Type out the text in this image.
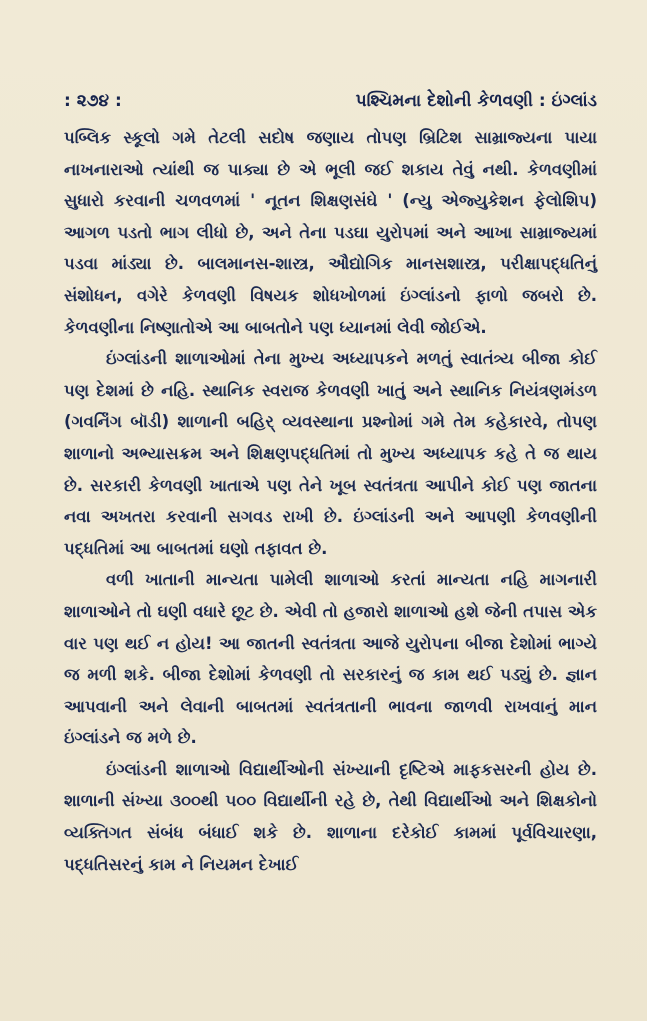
: ૨૭૪ :	પશ્ચિમના દેશોની કેળવણી : ઇંગ્લાંડ

પબ્લિક સ્કૂલો ગમે તેટલી સદોષ જણાય તોપણ બ્રિટિશ સામ્રાજ્યના પાયા નાખનારાઓ ત્યાંથી જ પાક્યા છે એ ભૂલી જઈ શકાય તેવું નથી. કેળવણીમાં સુધારો કરવાની ચળવળમાં ' નૂતન શિક્ષણસંઘે ' (ન્યુ એજ્યુકેશન ફેલોશિપ) આગળ પડતો ભાગ લીધો છે, અને તેના પડઘા યુરોપમાં અને આખા સામ્રાજ્યમાં પડવા માંડ્યા છે. બાલમાનસ-શાસ્ત્ર, ઔદ્યોગિક માનસશાસ્ત્ર, પરીક્ષાપદ્ધતિનું સંશોધન, વગેરે કેળવણી વિષયક શોધખોળમાં ઇંગ્લાંડનો ફાળો જબરો છે. કેળવણીના નિષ્ણાતોએ આ બાબતોને પણ ધ્યાનમાં લેવી જોઈએ.

ઇંગ્લાંડની શાળાઓમાં તેના મુખ્ય અધ્યાપકને મળતું સ્વાતંત્ર્ય બીજા કોઈ પણ દેશમાં છે નહિ. સ્થાનિક સ્વરાજ કેળવણી ખાતું અને સ્થાનિક નિયંત્રણમંડળ (ગવર્નિંગ બૉડી) શાળાની બહિર્ વ્યવસ્થાના પ્રશ્નોમાં ગમે તેમ કહેકારવે, તોપણ શાળાનો અભ્યાસક્રમ અને શિક્ષણપદ્ધતિમાં તો મુખ્ય અધ્યાપક કહે તે જ થાય છે. સરકારી કેળવણી ખાતાએ પણ તેને ખૂબ સ્વતંત્રતા આપીને કોઈ પણ જાતના નવા અખતરા કરવાની સગવડ રાખી છે. ઇંગ્લાંડની અને આપણી કેળવણીની પદ્ધતિમાં આ બાબતમાં ઘણો તફાવત છે.

વળી ખાતાની માન્યતા પામેલી શાળાઓ કરતાં માન્યતા નહિ માગનારી શાળાઓને તો ઘણી વધારે છૂટ છે. એવી તો હજારો શાળાઓ હશે જેની તપાસ એક વાર પણ થઈ ન હોય! આ જાતની સ્વતંત્રતા આજે યુરોપના બીજા દેશોમાં ભાગ્યે જ મળી શકે. બીજા દેશોમાં કેળવણી તો સરકારનું જ કામ થઈ પડ્યું છે. જ્ઞાન આપવાની અને લેવાની બાબતમાં સ્વતંત્રતાની ભાવના જાળવી રાખવાનું માન ઇંગ્લાંડને જ મળે છે.

ઇંગ્લાંડની શાળાઓ વિદ્યાર્થીઓની સંખ્યાની દૃષ્ટિએ માફકસરની હોય છે. શાળાની સંખ્યા ૩૦૦થી ૫૦૦ વિદ્યાર્થીની રહે છે, તેથી વિદ્યાર્થીઓ અને શિક્ષકોનો વ્યક્તિગત સંબંધ બંધાઈ શકે છે. શાળાના દરેકોઈ કામમાં પૂર્વવિચારણા, પદ્ધતિસરનું કામ ને નિયમન દેખાઈ
